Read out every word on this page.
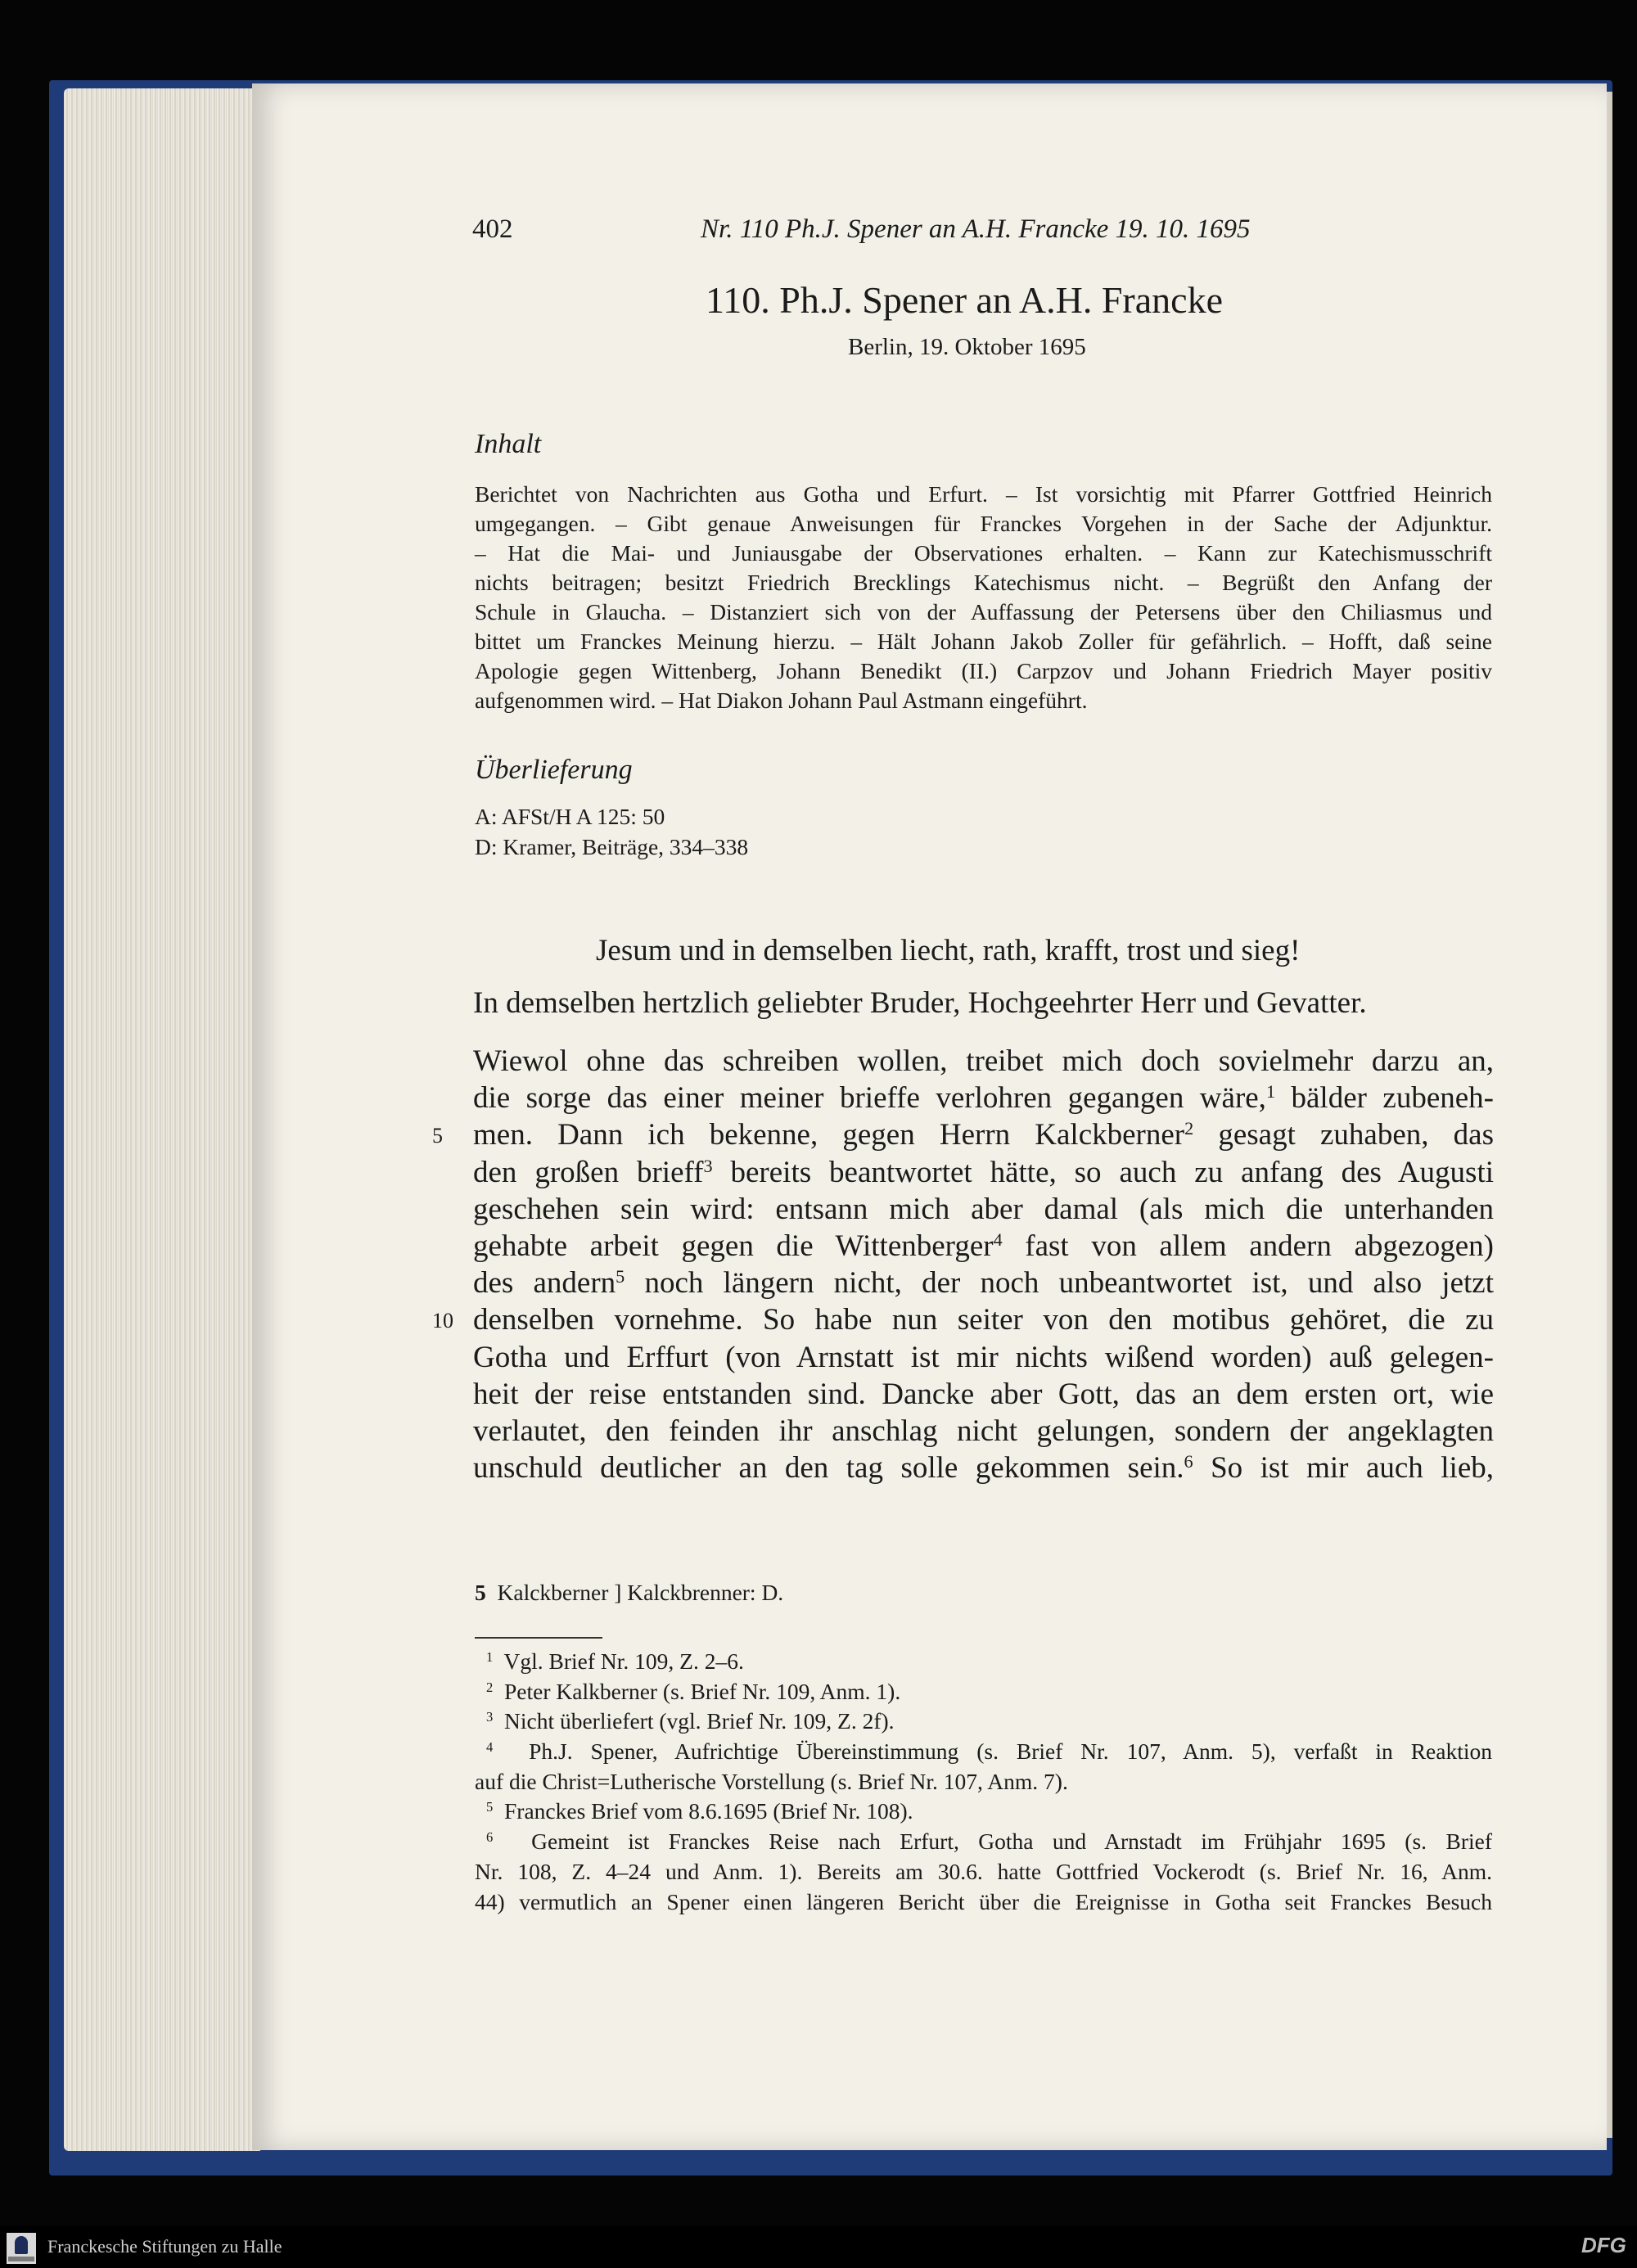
402	Nr. 110 Ph.J. Spener an A.H. Francke 19. 10. 1695
110. Ph.J. Spener an A.H. Francke
Berlin, 19. Oktober 1695
Inhalt
Berichtet von Nachrichten aus Gotha und Erfurt. – Ist vorsichtig mit Pfarrer Gottfried Heinrich
umgegangen. – Gibt genaue Anweisungen für Franckes Vorgehen in der Sache der Adjunktur.
– Hat die Mai- und Juniausgabe der Observationes erhalten. – Kann zur Katechismusschrift
nichts beitragen; besitzt Friedrich Brecklings Katechismus nicht. – Begrüßt den Anfang der
Schule in Glaucha. – Distanziert sich von der Auffassung der Petersens über den Chiliasmus und
bittet um Franckes Meinung hierzu. – Hält Johann Jakob Zoller für gefährlich. – Hofft, daß seine
Apologie gegen Wittenberg, Johann Benedikt (II.) Carpzov und Johann Friedrich Mayer positiv
aufgenommen wird. – Hat Diakon Johann Paul Astmann eingeführt.
Überlieferung
A: AFSt/H A 125: 50
D: Kramer, Beiträge, 334–338
Jesum und in demselben liecht, rath, krafft, trost und sieg!
In demselben hertzlich geliebter Bruder, Hochgeehrter Herr und Gevatter.
5
10
Wiewol ohne das schreiben wollen, treibet mich doch sovielmehr darzu an,
die sorge das einer meiner brieffe verlohren gegangen wäre,$^1$ bälder zubeneh-
men. Dann ich bekenne, gegen Herrn Kalckberner$^2$ gesagt zuhaben, das
den großen brieff$^3$ bereits beantwortet hätte, so auch zu anfang des Augusti
geschehen sein wird: entsann mich aber damal (als mich die unterhanden
gehabte arbeit gegen die Wittenberger$^4$ fast von allem andern abgezogen)
des andern$^5$ noch längern nicht, der noch unbeantwortet ist, und also jetzt
denselben vornehme. So habe nun seiter von den motibus gehöret, die zu
Gotha und Erffurt (von Arnstatt ist mir nichts wißend worden) auß gelegen-
heit der reise entstanden sind. Dancke aber Gott, das an dem ersten ort, wie
verlautet, den feinden ihr anschlag nicht gelungen, sondern der angeklagten
unschuld deutlicher an den tag solle gekommen sein.$^6$ So ist mir auch lieb,
5 Kalckberner ] Kalckbrenner: D.
$^1$ Vgl. Brief Nr. 109, Z. 2–6.
$^2$ Peter Kalkberner (s. Brief Nr. 109, Anm. 1).
$^3$ Nicht überliefert (vgl. Brief Nr. 109, Z. 2f).
$^4$ Ph.J. Spener, Aufrichtige Übereinstimmung (s. Brief Nr. 107, Anm. 5), verfaßt in Reaktion
auf die Christ=Lutherische Vorstellung (s. Brief Nr. 107, Anm. 7).
$^5$ Franckes Brief vom 8.6.1695 (Brief Nr. 108).
$^6$ Gemeint ist Franckes Reise nach Erfurt, Gotha und Arnstadt im Frühjahr 1695 (s. Brief
Nr. 108, Z. 4–24 und Anm. 1). Bereits am 30.6. hatte Gottfried Vockerodt (s. Brief Nr. 16, Anm.
44) vermutlich an Spener einen längeren Bericht über die Ereignisse in Gotha seit Franckes Besuch
Franckesche Stiftungen zu Halle	DFG
